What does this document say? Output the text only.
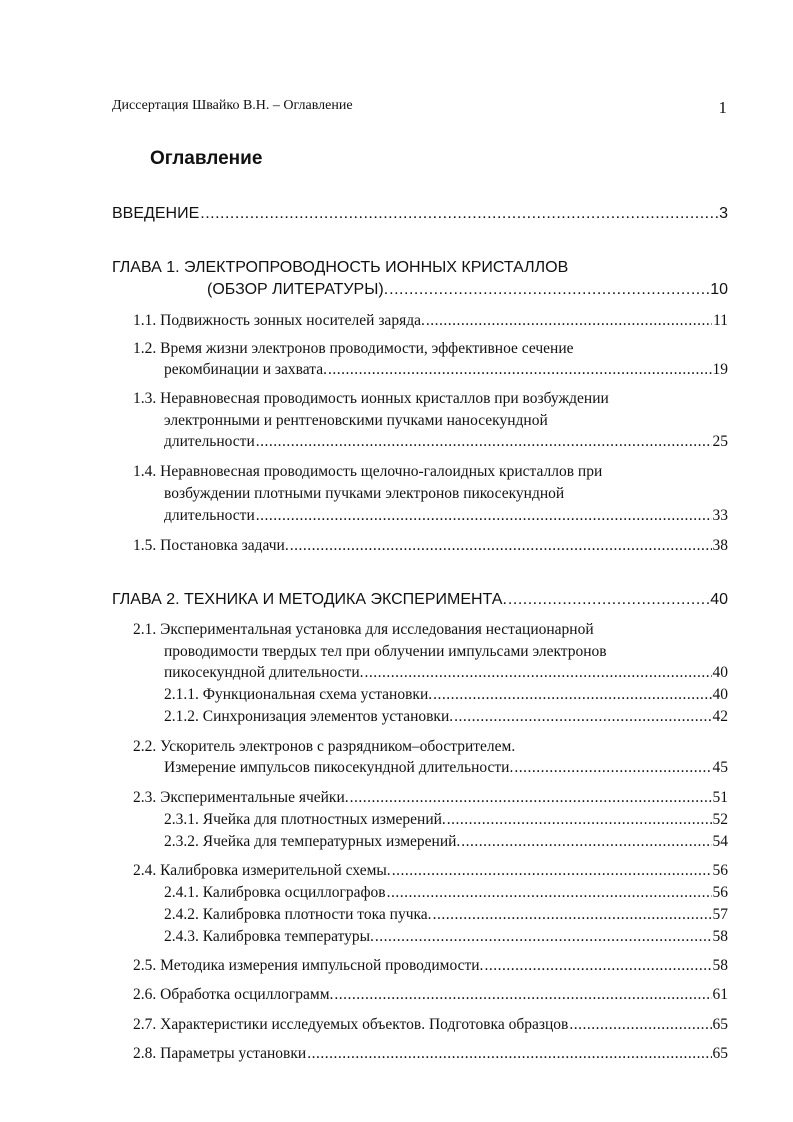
Диссертация Швайко В.Н. – Оглавление	1
Оглавление
ВВЕДЕНИЕ .....	3
ГЛАВА 1. ЭЛЕКТРОПРОВОДНОСТЬ ИОННЫХ КРИСТАЛЛОВ
(ОБЗОР ЛИТЕРАТУРЫ). .....	10
1.1. Подвижность зонных носителей заряда. .....	11
1.2. Время жизни электронов проводимости, эффективное сечение
рекомбинации и захвата. .....	19
1.3. Неравновесная проводимость ионных кристаллов при возбуждении
электронными и рентгеновскими пучками наносекундной
длительности .....	25
1.4. Неравновесная проводимость щелочно-галоидных кристаллов при
возбуждении плотными пучками электронов пикосекундной
длительности .....	33
1.5. Постановка задачи. .....	38
ГЛАВА 2. ТЕХНИКА И МЕТОДИКА ЭКСПЕРИМЕНТА. .....	40
2.1. Экспериментальная установка для исследования нестационарной
проводимости твердых тел при облучении импульсами электронов
пикосекундной длительности. .....	40
2.1.1. Функциональная схема установки. .....	40
2.1.2. Синхронизация элементов установки. .....	42
2.2. Ускоритель электронов с разрядником–обострителем.
Измерение импульсов пикосекундной длительности. .....	45
2.3. Экспериментальные ячейки. .....	51
2.3.1. Ячейка для плотностных измерений. .....	52
2.3.2. Ячейка для температурных измерений. .....	54
2.4. Калибровка измерительной схемы. .....	56
2.4.1. Калибровка осциллографов .....	56
2.4.2. Калибровка плотности тока пучка. .....	57
2.4.3. Калибровка температуры. .....	58
2.5. Методика измерения импульсной проводимости. .....	58
2.6. Обработка осциллограмм. .....	61
2.7. Характеристики исследуемых объектов. Подготовка образцов .....	65
2.8. Параметры установки .....	65
